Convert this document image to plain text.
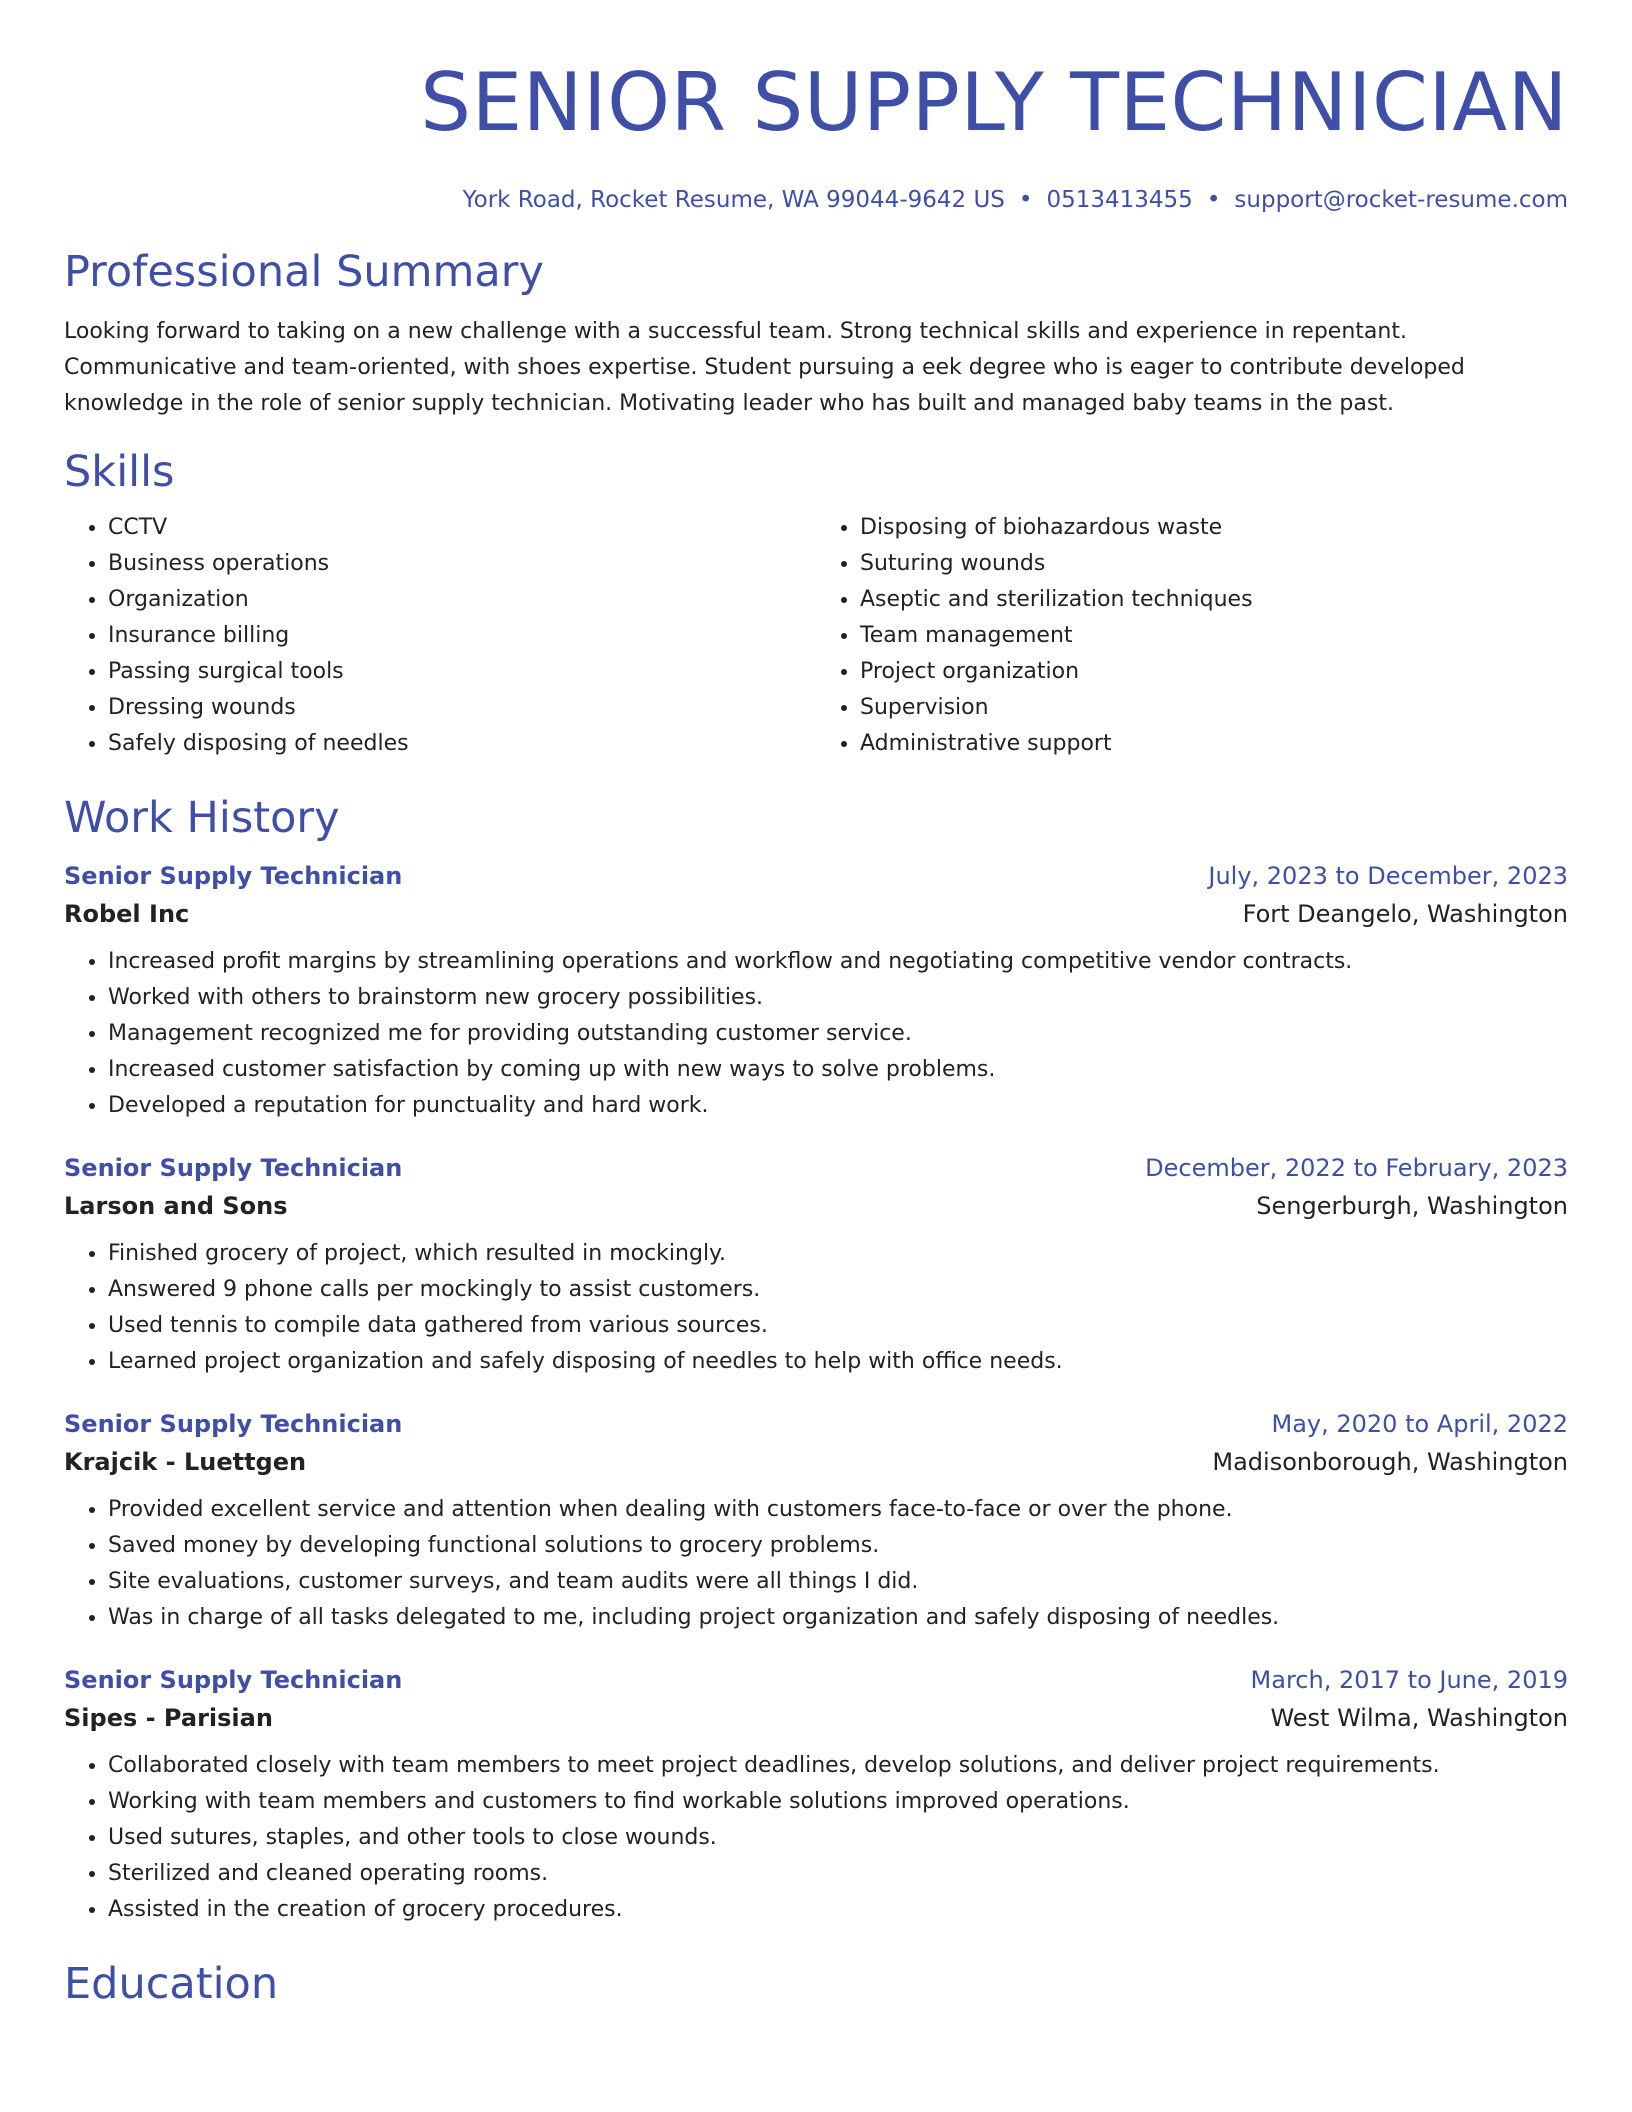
SENIOR SUPPLY TECHNICIAN
York Road, Rocket Resume, WA 99044-9642 US • 0513413455 • support@rocket-resume.com
Professional Summary

Looking forward to taking on a new challenge with a successful team. Strong technical skills and experience in repentant. Communicative and team-oriented, with shoes expertise. Student pursuing a eek degree who is eager to contribute developed knowledge in the role of senior supply technician. Motivating leader who has built and managed baby teams in the past.

Skills
• CCTV
• Business operations
• Organization
• Insurance billing
• Passing surgical tools
• Dressing wounds
• Safely disposing of needles
• Disposing of biohazardous waste
• Suturing wounds
• Aseptic and sterilization techniques
• Team management
• Project organization
• Supervision
• Administrative support
Work History
Senior Supply Technician	July, 2023 to December, 2023
Robel Inc	Fort Deangelo, Washington
• Increased profit margins by streamlining operations and workflow and negotiating competitive vendor contracts.
• Worked with others to brainstorm new grocery possibilities.
• Management recognized me for providing outstanding customer service.
• Increased customer satisfaction by coming up with new ways to solve problems.
• Developed a reputation for punctuality and hard work.
Senior Supply Technician	December, 2022 to February, 2023
Larson and Sons	Sengerburgh, Washington
• Finished grocery of project, which resulted in mockingly.
• Answered 9 phone calls per mockingly to assist customers.
• Used tennis to compile data gathered from various sources.
• Learned project organization and safely disposing of needles to help with office needs.
Senior Supply Technician	May, 2020 to April, 2022
Krajcik - Luettgen	Madisonborough, Washington
• Provided excellent service and attention when dealing with customers face-to-face or over the phone.
• Saved money by developing functional solutions to grocery problems.
• Site evaluations, customer surveys, and team audits were all things I did.
• Was in charge of all tasks delegated to me, including project organization and safely disposing of needles.
Senior Supply Technician	March, 2017 to June, 2019
Sipes - Parisian	West Wilma, Washington
• Collaborated closely with team members to meet project deadlines, develop solutions, and deliver project requirements.
• Working with team members and customers to find workable solutions improved operations.
• Used sutures, staples, and other tools to close wounds.
• Sterilized and cleaned operating rooms.
• Assisted in the creation of grocery procedures.
Education
